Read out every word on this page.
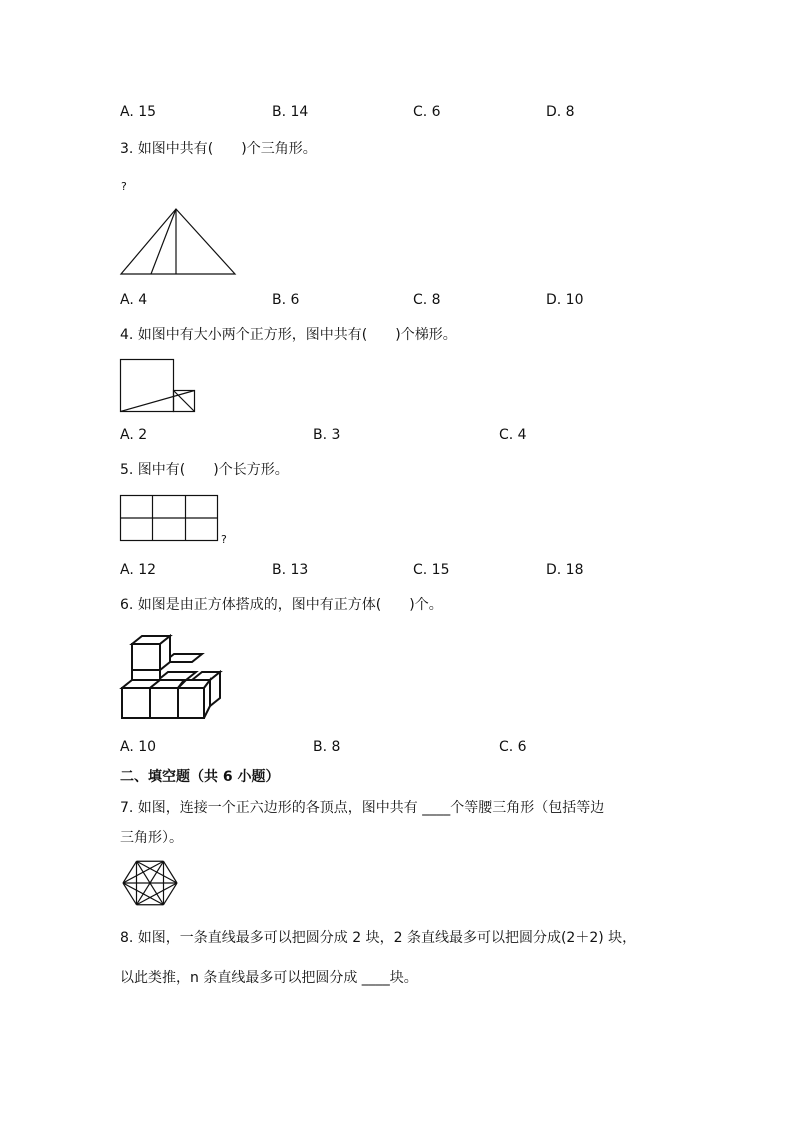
A. 15	B. 14	C. 6	D. 8
3. 如图中共有(　　)个三角形。
?
A. 4	B. 6	C. 8	D. 10
4. 如图中有大小两个正方形，图中共有(　　)个梯形。
A. 2	B. 3	C. 4
5. 图中有(　　)个长方形。
?
A. 12	B. 13	C. 15	D. 18
6. 如图是由正方体搭成的，图中有正方体(　　)个。
A. 10	B. 8	C. 6
二、填空题（共 6 小题）
7. 如图，连接一个正六边形的各顶点，图中共有 ____个等腰三角形（包括等边
三角形）。
8. 如图，一条直线最多可以把圆分成 2 块，2 条直线最多可以把圆分成(2＋2) 块，
以此类推，n 条直线最多可以把圆分成 ____块。
